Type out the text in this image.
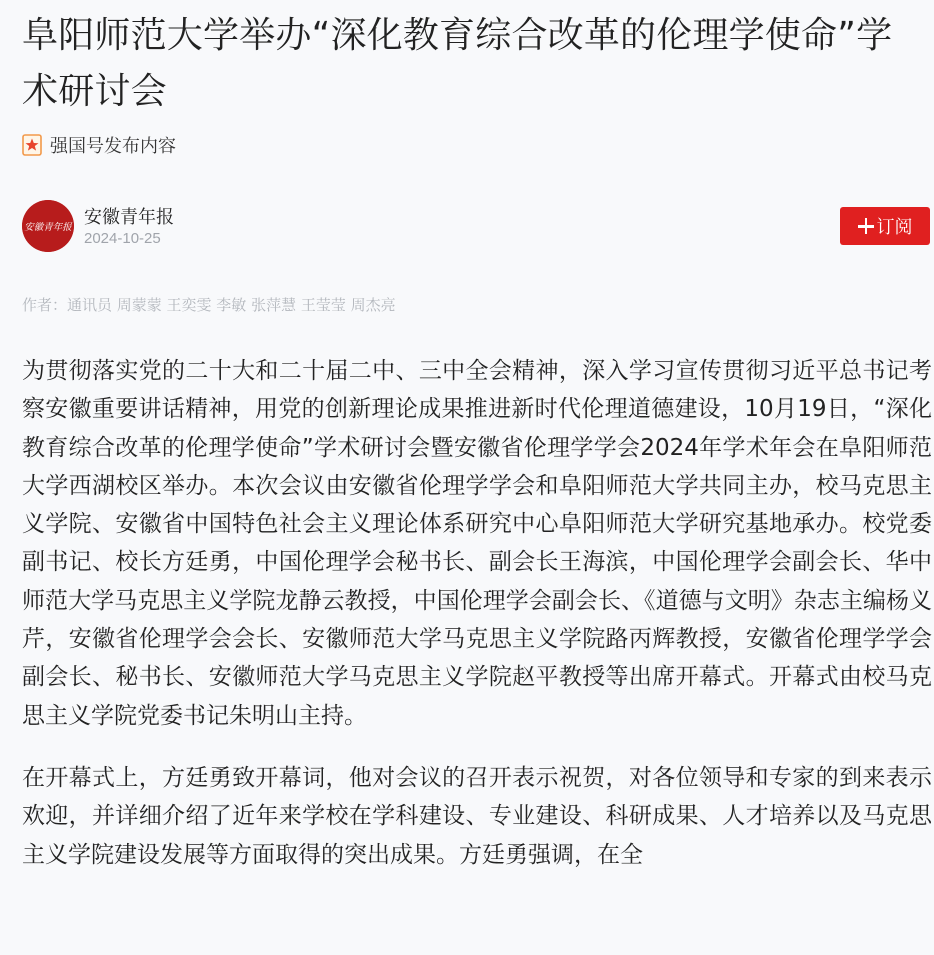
阜阳师范大学举办“深化教育综合改革的伦理学使命”学术研讨会
强国号发布内容
安徽青年报 安徽青年报
2024-10-25
订阅
作者：通讯员 周蒙蒙 王奕雯 李敏 张萍慧 王莹莹 周杰亮

为贯彻落实党的二十大和二十届二中、三中全会精神，深入学习宣传贯彻习近平总书记考察安徽重要讲话精神，用党的创新理论成果推进新时代伦理道德建设，10月19日，“深化教育综合改革的伦理学使命”学术研讨会暨安徽省伦理学学会2024年学术年会在阜阳师范大学西湖校区举办。本次会议由安徽省伦理学学会和阜阳师范大学共同主办，校马克思主义学院、安徽省中国特色社会主义理论体系研究中心阜阳师范大学研究基地承办。校党委副书记、校长方廷勇，中国伦理学会秘书长、副会长王海滨，中国伦理学会副会长、华中师范大学马克思主义学院龙静云教授，中国伦理学会副会长、《道德与文明》杂志主编杨义芹，安徽省伦理学会会长、安徽师范大学马克思主义学院路丙辉教授，安徽省伦理学学会副会长、秘书长、安徽师范大学马克思主义学院赵平教授等出席开幕式。开幕式由校马克思主义学院党委书记朱明山主持。

在开幕式上，方廷勇致开幕词，他对会议的召开表示祝贺，对各位领导和专家的到来表示欢迎，并详细介绍了近年来学校在学科建设、专业建设、科研成果、人才培养以及马克思主义学院建设发展等方面取得的突出成果。方廷勇强调，在全
